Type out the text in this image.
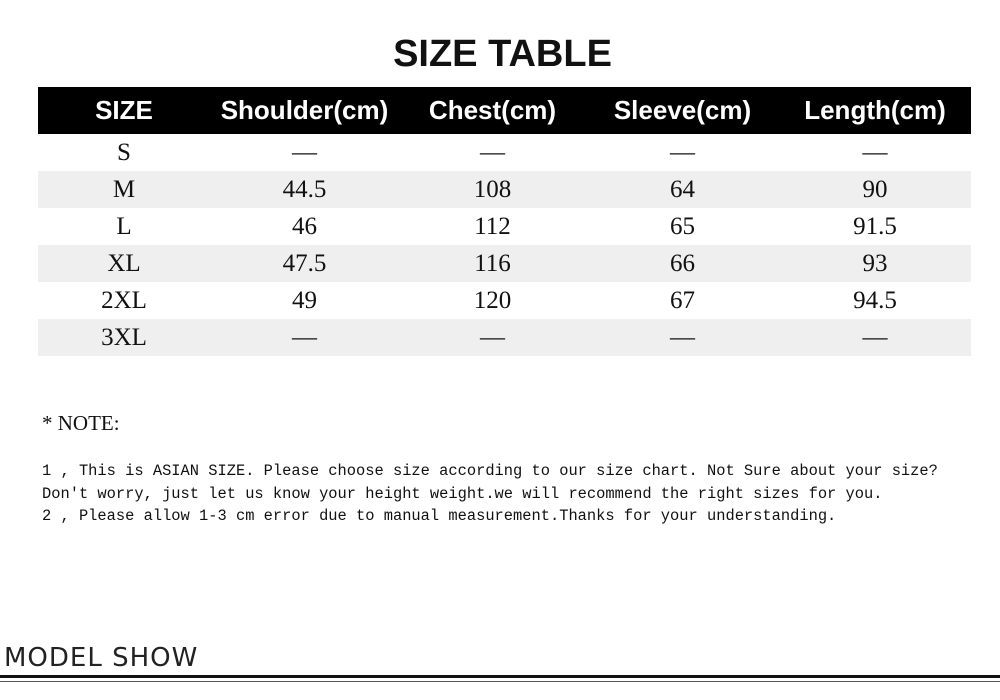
SIZE TABLE
SIZE	Shoulder(cm)	Chest(cm)	Sleeve(cm)	Length(cm)
S	—	—	—	—
M	44.5	108	64	90
L	46	112	65	91.5
XL	47.5	116	66	93
2XL	49	120	67	94.5
3XL	—	—	—	—
* NOTE:

1 , This is ASIAN SIZE. Please choose size according to our size chart. Not Sure about your size? Don't worry, just let us know your height weight.we will recommend the right sizes for you.

2 , Please allow 1-3 cm error due to manual measurement.Thanks for your understanding.

MODEL SHOW
